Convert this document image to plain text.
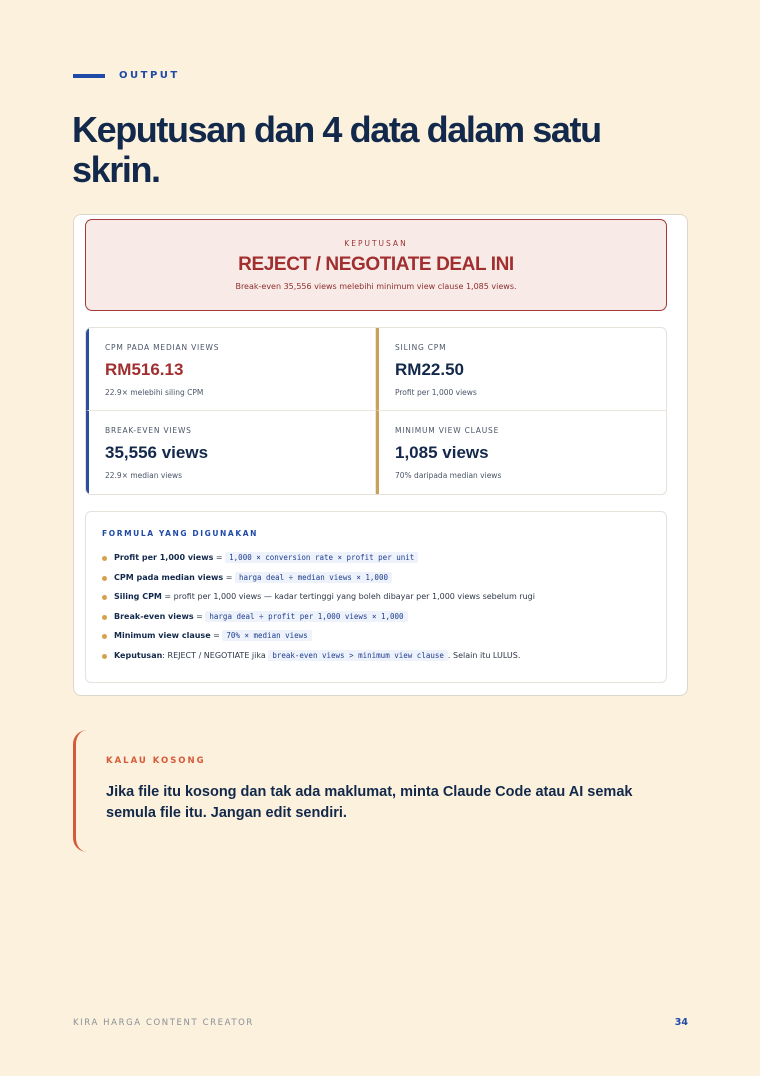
OUTPUT
Keputusan dan 4 data dalam satu skrin.
KEPUTUSAN
REJECT / NEGOTIATE DEAL INI
Break-even 35,556 views melebihi minimum view clause 1,085 views.
CPM PADA MEDIAN VIEWS
RM516.13
22.9× melebihi siling CPM
SILING CPM
RM22.50
Profit per 1,000 views
BREAK-EVEN VIEWS
35,556 views
22.9× median views
MINIMUM VIEW CLAUSE
1,085 views
70% daripada median views
FORMULA YANG DIGUNAKAN
Profit per 1,000 views = 1,000 × conversion rate × profit per unit
CPM pada median views = harga deal ÷ median views × 1,000
Siling CPM = profit per 1,000 views — kadar tertinggi yang boleh dibayar per 1,000 views sebelum rugi
Break-even views = harga deal ÷ profit per 1,000 views × 1,000
Minimum view clause = 70% × median views
Keputusan: REJECT / NEGOTIATE jika break-even views > minimum view clause . Selain itu LULUS.
KALAU KOSONG
Jika file itu kosong dan tak ada maklumat, minta Claude Code atau AI semak semula file itu. Jangan edit sendiri.
KIRA HARGA CONTENT CREATOR	34
